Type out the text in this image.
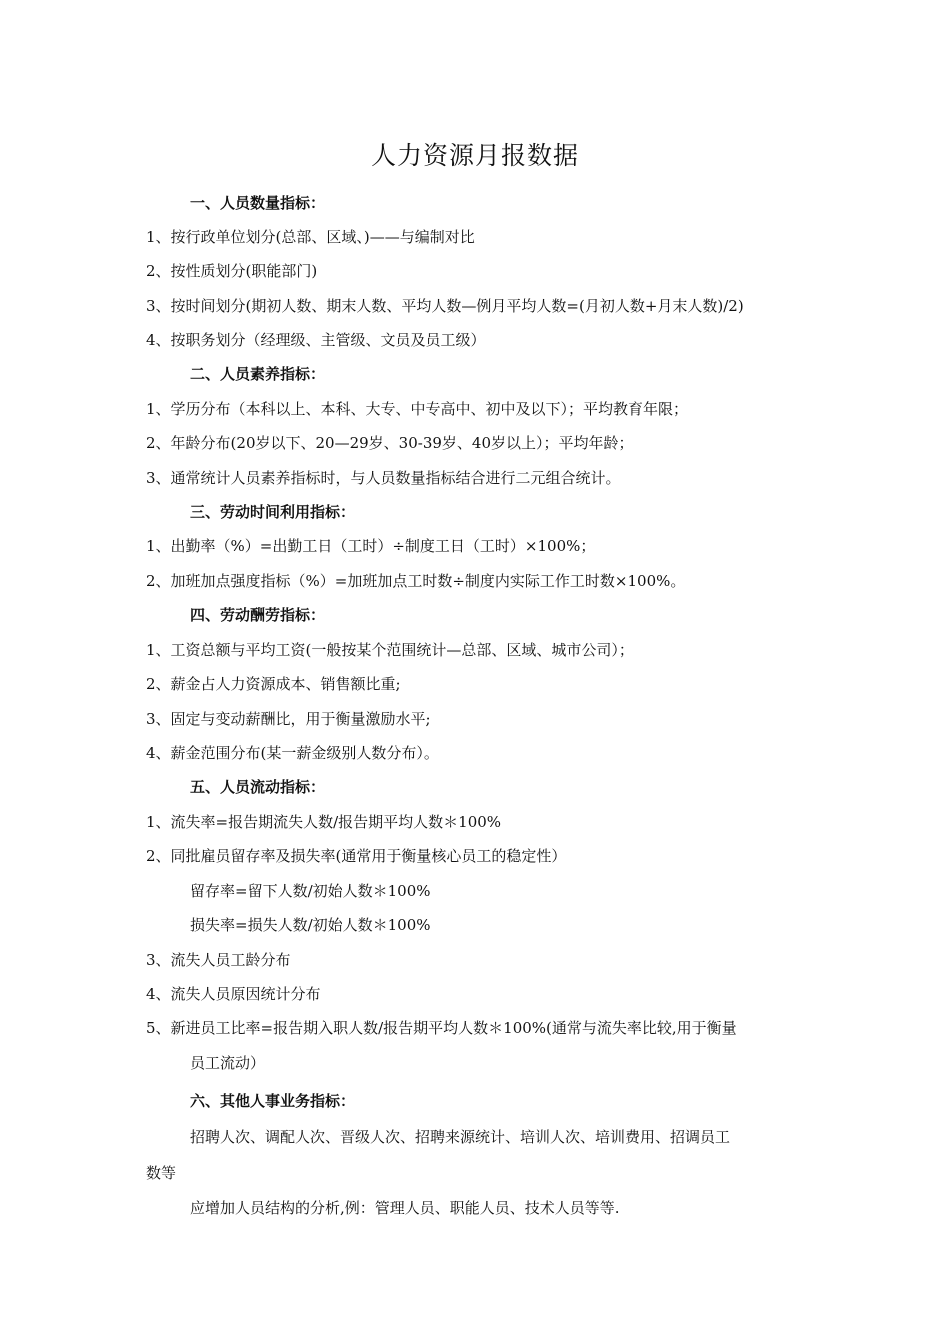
人力资源月报数据
一、人员数量指标：
1、按行政单位划分(总部、区域、)——与编制对比
2、按性质划分(职能部门)
3、按时间划分(期初人数、期末人数、平均人数—例月平均人数=(月初人数+月末人数)/2)
4、按职务划分（经理级、主管级、文员及员工级）
二、人员素养指标：
1、学历分布（本科以上、本科、大专、中专高中、初中及以下）；平均教育年限；
2、年龄分布(20岁以下、20—29岁、30-39岁、40岁以上）；平均年龄；
3、通常统计人员素养指标时，与人员数量指标结合进行二元组合统计。
三、劳动时间利用指标：
1、出勤率（%）=出勤工日（工时）÷制度工日（工时）×100%；
2、加班加点强度指标（%）=加班加点工时数÷制度内实际工作工时数×100%。
四、劳动酬劳指标：
1、工资总额与平均工资(一般按某个范围统计—总部、区域、城市公司）；
2、薪金占人力资源成本、销售额比重;
3、固定与变动薪酬比，用于衡量激励水平;
4、薪金范围分布(某一薪金级别人数分布）。
五、人员流动指标：
1、流失率=报告期流失人数/报告期平均人数＊100%
2、同批雇员留存率及损失率(通常用于衡量核心员工的稳定性）
留存率=留下人数/初始人数＊100%
损失率=损失人数/初始人数＊100%
3、流失人员工龄分布
4、流失人员原因统计分布
5、新进员工比率=报告期入职人数/报告期平均人数＊100%(通常与流失率比较,用于衡量
员工流动）
六、其他人事业务指标：
招聘人次、调配人次、晋级人次、招聘来源统计、培训人次、培训费用、招调员工
数等
应增加人员结构的分析,例：管理人员、职能人员、技术人员等等.
